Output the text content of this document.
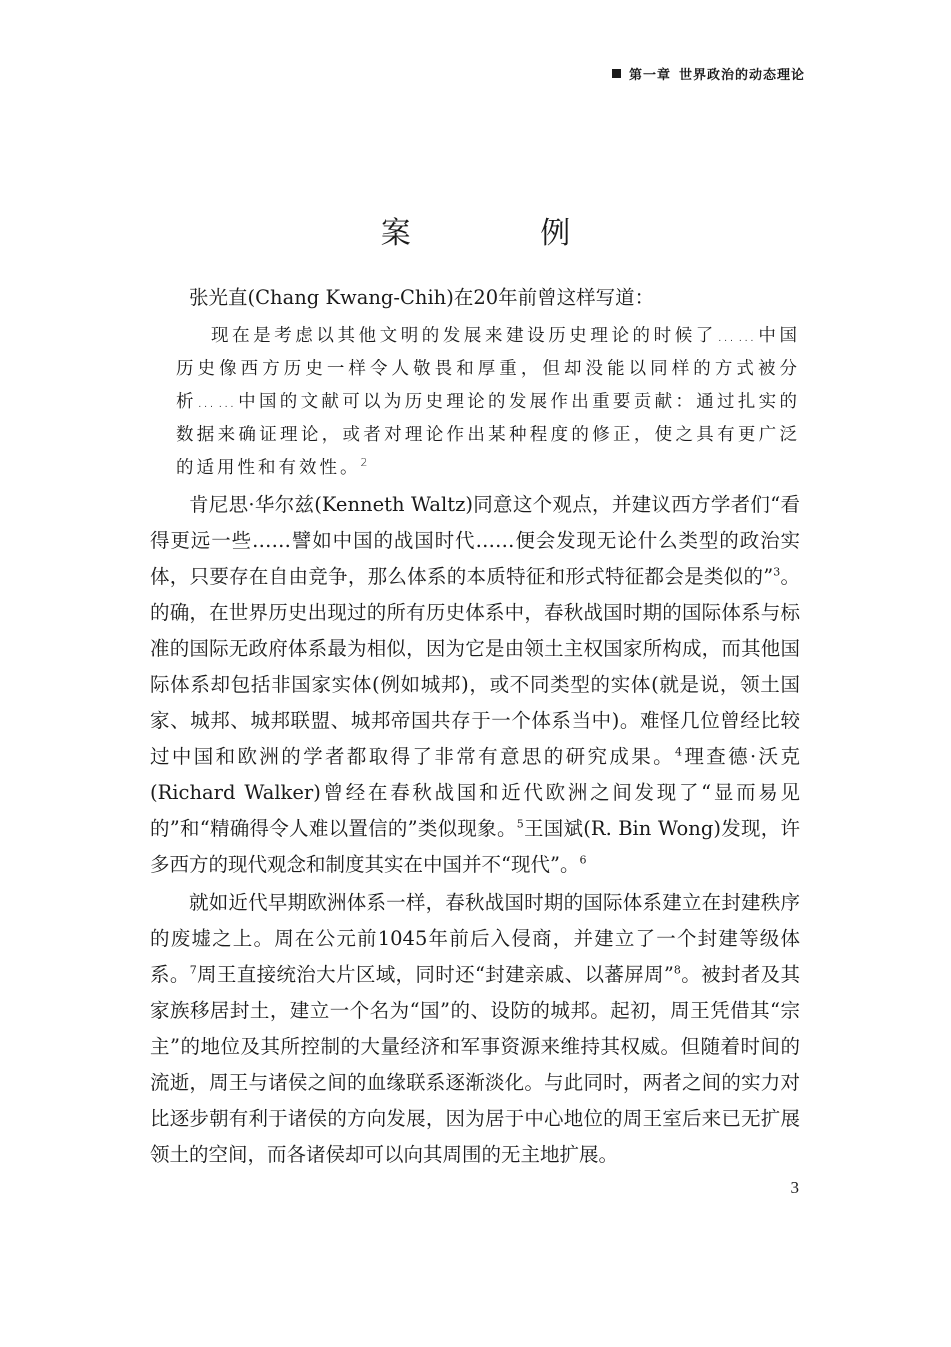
第一章 世界政治的动态理论
案 例

张光直(Chang Kwang-Chih)在20年前曾这样写道：

现在是考虑以其他文明的发展来建设历史理论的时候了……中国历史像西方历史一样令人敬畏和厚重，但却没能以同样的方式被分析……中国的文献可以为历史理论的发展作出重要贡献：通过扎实的数据来确证理论，或者对理论作出某种程度的修正，使之具有更广泛的适用性和有效性。$^2$

肯尼思·华尔兹(Kenneth Waltz)同意这个观点，并建议西方学者们“看得更远一些……譬如中国的战国时代……便会发现无论什么类型的政治实体，只要存在自由竞争，那么体系的本质特征和形式特征都会是类似的”$^3$。的确，在世界历史出现过的所有历史体系中，春秋战国时期的国际体系与标准的国际无政府体系最为相似，因为它是由领土主权国家所构成，而其他国际体系却包括非国家实体(例如城邦)，或不同类型的实体(就是说，领土国家、城邦、城邦联盟、城邦帝国共存于一个体系当中)。难怪几位曾经比较过中国和欧洲的学者都取得了非常有意思的研究成果。$^4$理查德·沃克(Richard Walker)曾经在春秋战国和近代欧洲之间发现了“显而易见的”和“精确得令人难以置信的”类似现象。$^5$王国斌(R. Bin Wong)发现，许多西方的现代观念和制度其实在中国并不“现代”。$^6$

就如近代早期欧洲体系一样，春秋战国时期的国际体系建立在封建秩序的废墟之上。周在公元前1045年前后入侵商，并建立了一个封建等级体系。$^7$周王直接统治大片区域，同时还“封建亲戚、以蕃屏周”$^8$。被封者及其家族移居封土，建立一个名为“国”的、设防的城邦。起初，周王凭借其“宗主”的地位及其所控制的大量经济和军事资源来维持其权威。但随着时间的流逝，周王与诸侯之间的血缘联系逐渐淡化。与此同时，两者之间的实力对比逐步朝有利于诸侯的方向发展，因为居于中心地位的周王室后来已无扩展领土的空间，而各诸侯却可以向其周围的无主地扩展。

3
